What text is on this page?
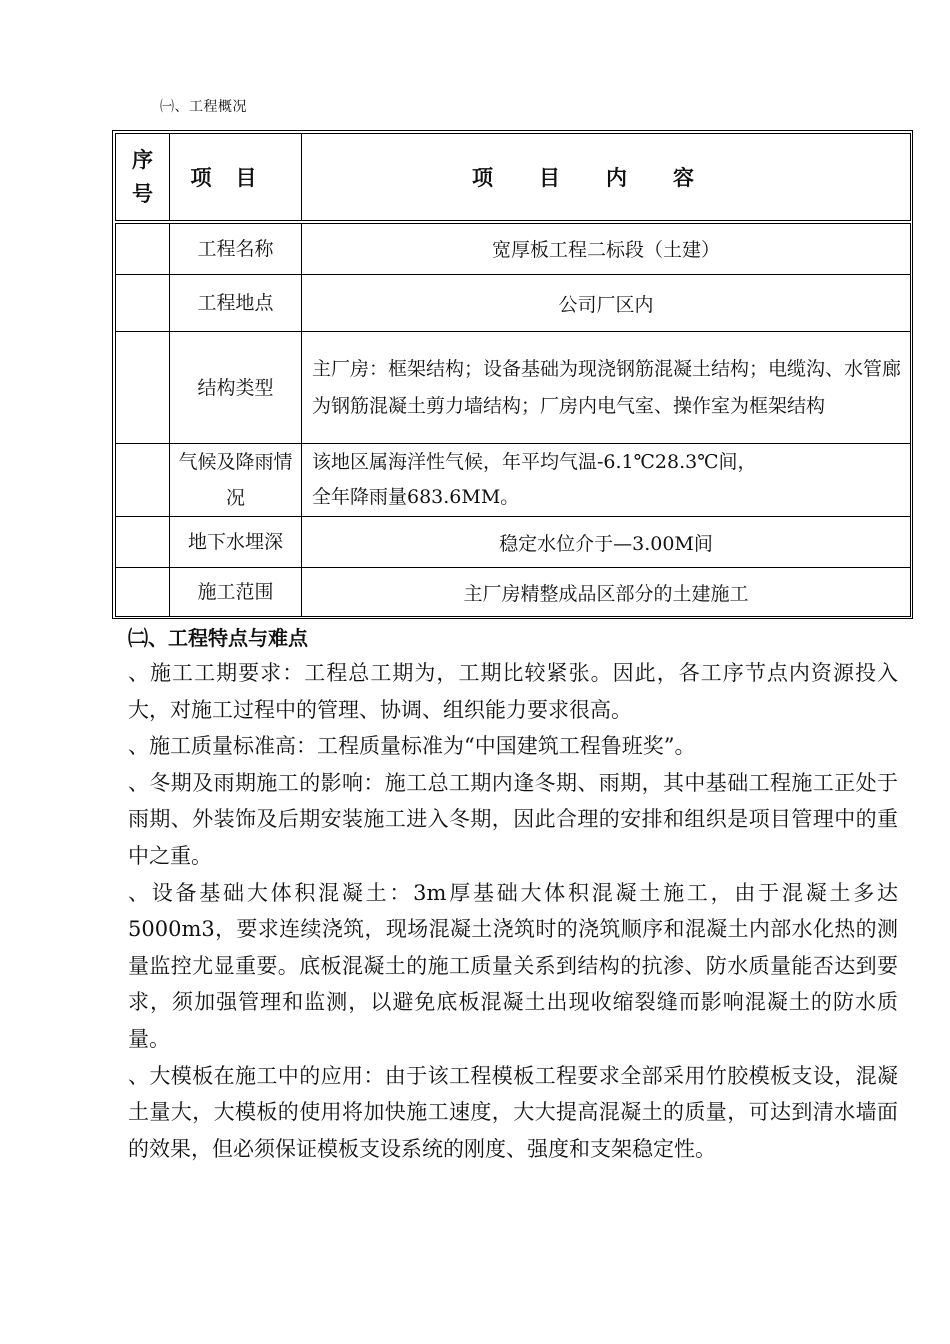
㈠、工程概况
序号	项目	项目内容
	工程名称	宽厚板工程二标段（土建）
	工程地点	公司厂区内
	结构类型	主厂房：框架结构；设备基础为现浇钢筋混凝土结构；电缆沟、水管廊为钢筋混凝土剪力墙结构；厂房内电气室、操作室为框架结构
	气候及降雨情况	该地区属海洋性气候，年平均气温-6.1℃28.3℃间，
全年降雨量683.6MM。

	地下水埋深	稳定水位介于—3.00M间
	施工范围	主厂房精整成品区部分的土建施工
㈡、工程特点与难点

、施工工期要求：工程总工期为，工期比较紧张。因此，各工序节点内资源投入大，对施工过程中的管理、协调、组织能力要求很高。

、施工质量标准高：工程质量标准为“中国建筑工程鲁班奖”。

、冬期及雨期施工的影响：施工总工期内逢冬期、雨期，其中基础工程施工正处于雨期、外装饰及后期安装施工进入冬期，因此合理的安排和组织是项目管理中的重中之重。

、设备基础大体积混凝土：3m厚基础大体积混凝土施工，由于混凝土多达5000m3，要求连续浇筑，现场混凝土浇筑时的浇筑顺序和混凝土内部水化热的测量监控尤显重要。底板混凝土的施工质量关系到结构的抗渗、防水质量能否达到要求，须加强管理和监测，以避免底板混凝土出现收缩裂缝而影响混凝土的防水质量。

、大模板在施工中的应用：由于该工程模板工程要求全部采用竹胶模板支设，混凝土量大，大模板的使用将加快施工速度，大大提高混凝土的质量，可达到清水墙面的效果，但必须保证模板支设系统的刚度、强度和支架稳定性。
